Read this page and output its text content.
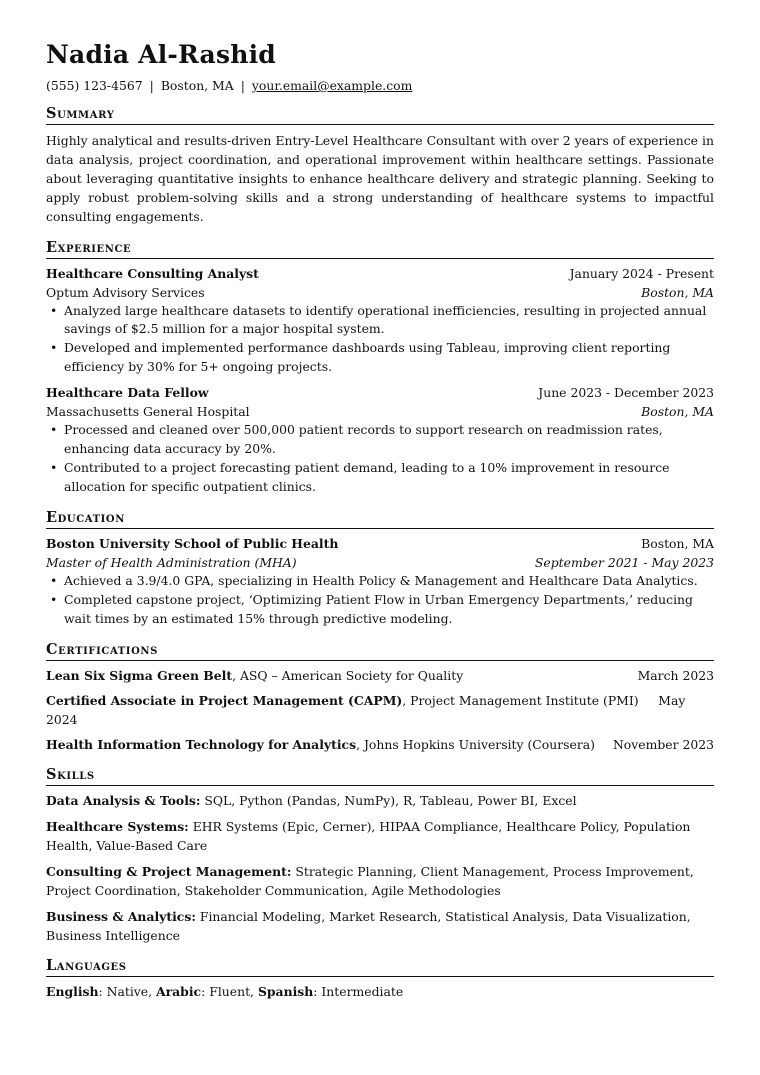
Nadia Al-Rashid
(555) 123-4567 | Boston, MA | your.email@example.com
Summary
Highly analytical and results-driven Entry-Level Healthcare Consultant with over 2 years of experience in data analysis, project coordination, and operational improvement within healthcare settings. Passionate about leveraging quantitative insights to enhance healthcare delivery and strategic planning. Seeking to apply robust problem-solving skills and a strong understanding of healthcare systems to impactful consulting engagements.
Experience
Healthcare Consulting Analyst	January 2024 - Present
Optum Advisory Services	Boston, MA
• Analyzed large healthcare datasets to identify operational inefficiencies, resulting in projected annual savings of $2.5 million for a major hospital system.
• Developed and implemented performance dashboards using Tableau, improving client reporting efficiency by 30% for 5+ ongoing projects.
Healthcare Data Fellow	June 2023 - December 2023
Massachusetts General Hospital	Boston, MA
• Processed and cleaned over 500,000 patient records to support research on readmission rates, enhancing data accuracy by 20%.
• Contributed to a project forecasting patient demand, leading to a 10% improvement in resource allocation for specific outpatient clinics.
Education
Boston University School of Public Health	Boston, MA
Master of Health Administration (MHA)	September 2021 - May 2023
• Achieved a 3.9/4.0 GPA, specializing in Health Policy & Management and Healthcare Data Analytics.
• Completed capstone project, ‘Optimizing Patient Flow in Urban Emergency Departments,’ reducing wait times by an estimated 15% through predictive modeling.
Certifications
Lean Six Sigma Green Belt, ASQ – American Society for Quality	March 2023
Certified Associate in Project Management (CAPM), Project Management Institute (PMI) May 2024
Health Information Technology for Analytics, Johns Hopkins University (Coursera) November 2023
Skills
Data Analysis & Tools: SQL, Python (Pandas, NumPy), R, Tableau, Power BI, Excel
Healthcare Systems: EHR Systems (Epic, Cerner), HIPAA Compliance, Healthcare Policy, Population Health, Value-Based Care
Consulting & Project Management: Strategic Planning, Client Management, Process Improvement, Project Coordination, Stakeholder Communication, Agile Methodologies
Business & Analytics: Financial Modeling, Market Research, Statistical Analysis, Data Visualization, Business Intelligence
Languages
English: Native, Arabic: Fluent, Spanish: Intermediate
